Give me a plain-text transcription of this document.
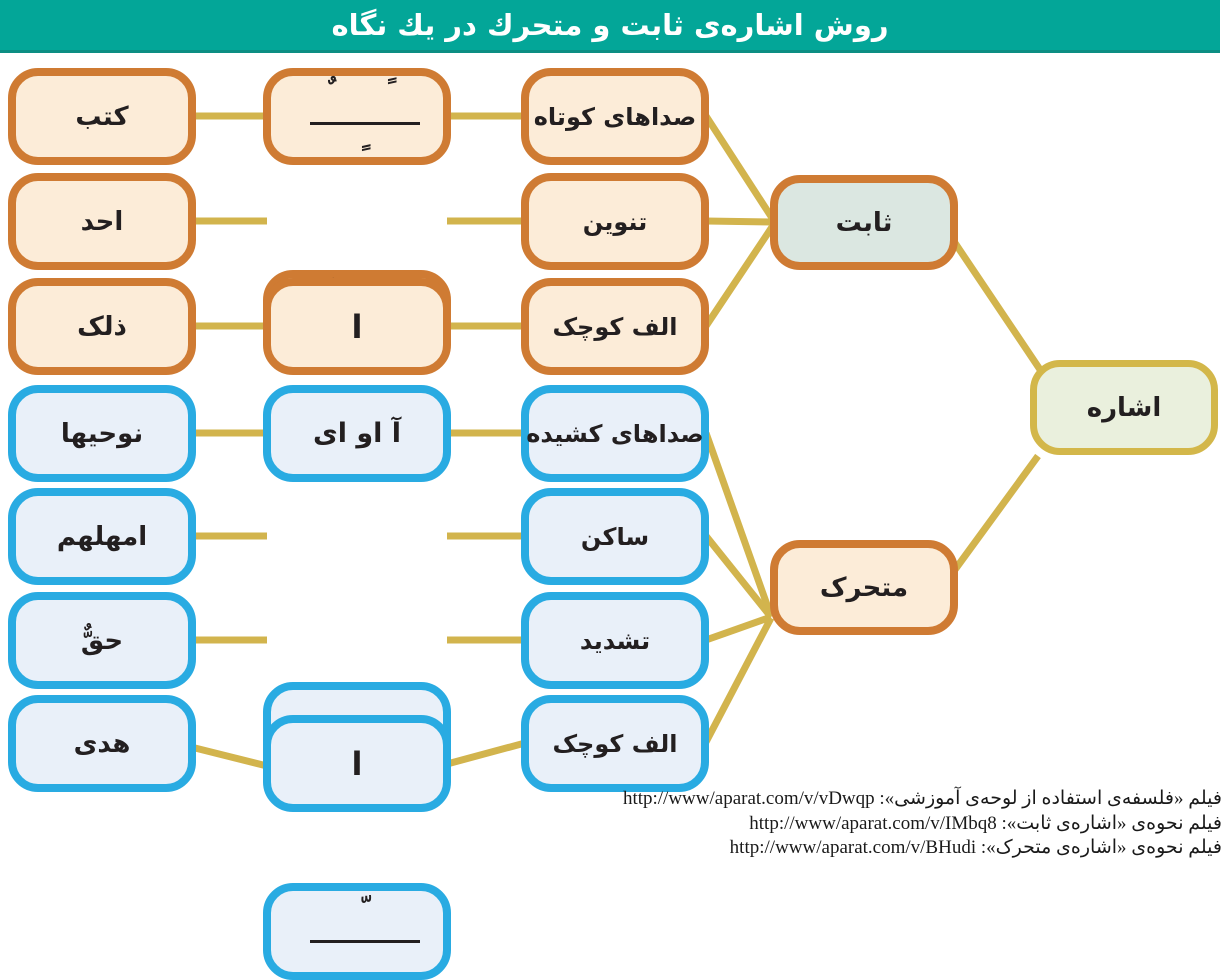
روش اشاره‌ی ثابت و متحرك در يك نگاه
کتب
احد
ذلک
نوحیها
امهلهم
حقٌّ
هدی
ٌ ً
ٍ
ا
آ او ای
ّ
ا
صداهای کوتاه
تنوین
الف کوچک
صداهای کشیده
ساکن
تشدید
الف کوچک
ثابت
متحرک
اشاره
فیلم «فلسفه‌ی استفاده از لوحه‌ی آموزشی»: http://www/aparat.com/v/vDwqp
فیلم نحوه‌ی «اشاره‌ی ثابت»: http://www/aparat.com/v/IMbq8
فیلم نحوه‌ی «اشاره‌ی متحرک»: http://www/aparat.com/v/BHudi
